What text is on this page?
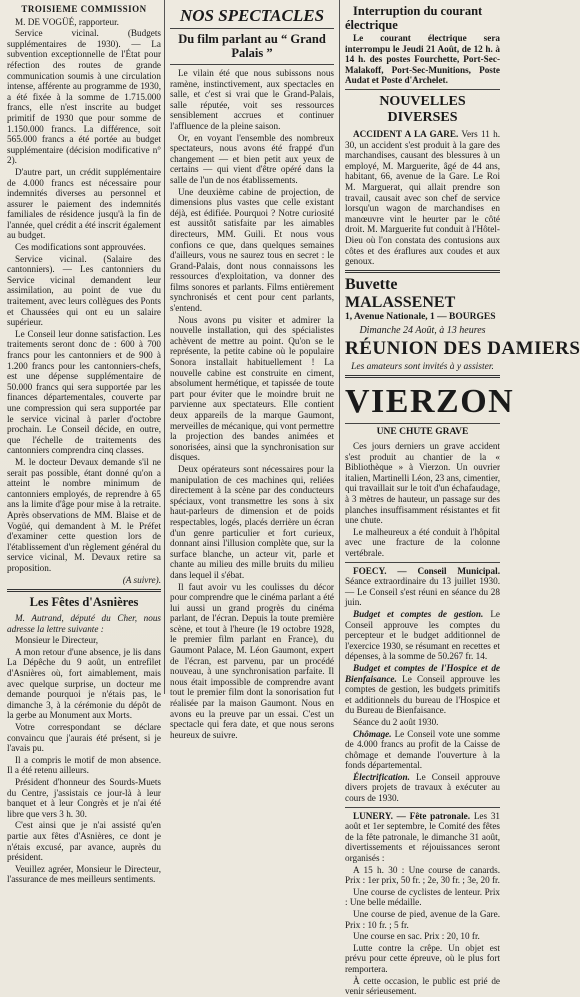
TROISIEME COMMISSION

M. DE VOGÜÉ, rapporteur.

Service vicinal. (Budgets supplémentaires de 1930). — La subvention exceptionnelle de l'État pour réfection des routes de grande communication soumis à une circulation intense, afférente au programme de 1930, a été fixée à la somme de 1.715.000 francs, elle n'est inscrite au budget primitif de 1930 que pour somme de 1.150.000 francs. La différence, soit 565.000 francs a été portée au budget supplémentaire (décision modificative n° 2).

D'autre part, un crédit supplémentaire de 4.000 francs est nécessaire pour indemnités diverses au personnel et assurer le paiement des indemnités familiales de résidence jusqu'à la fin de l'année, quel crédit a été inscrit également au budget.

Ces modifications sont approuvées.

Service vicinal. (Salaire des cantonniers). — Les cantonniers du Service vicinal demandent leur assimilation, au point de vue du traitement, avec leurs collègues des Ponts et Chaussées qui ont eu un salaire supérieur.

Le Conseil leur donne satisfaction. Les traitements seront donc de : 600 à 700 francs pour les cantonniers et de 900 à 1.200 francs pour les cantonniers-chefs, est une dépense supplémentaire de 50.000 francs qui sera supportée par les finances départementales, couverte par une compression qui sera supportée par le service vicinal à parler d'octobre prochain. Le Conseil décide, en outre, que l'échelle de traitements des cantonniers comprendra cinq classes.

M. le docteur Devaux demande s'il ne serait pas possible, étant donné qu'on a atteint le nombre minimum de cantonniers employés, de reprendre à 65 ans la limite d'âge pour mise à la retraite. Après observations de MM. Blaise et de Vogüé, qui demandent à M. le Préfet d'examiner cette question lors de l'établissement d'un règlement général du service vicinal, M. Devaux retire sa proposition.

(A suivre).
Les Fêtes d'Asnières

M. Autrand, député du Cher, nous adresse la lettre suivante :

Monsieur le Directeur,

A mon retour d'une absence, je lis dans La Dépêche du 9 août, un entrefilet d'Asnières où, fort aimablement, mais avec quelque surprise, un docteur me demande pourquoi je n'étais pas, le dimanche 3, à la cérémonie du dépôt de la gerbe au Monument aux Morts.

Votre correspondant se déclare convaincu que j'aurais été présent, si je l'avais pu.

Il a compris le motif de mon absence. Il a été retenu ailleurs.

Président d'honneur des Sourds-Muets du Centre, j'assistais ce jour-là à leur banquet et à leur Congrès et je n'ai été libre que vers 3 h. 30.

C'est ainsi que je n'ai assisté qu'en partie aux fêtes d'Asnières, ce dont je n'étais excusé, par avance, auprès du président.

Veuillez agréer, Monsieur le Directeur, l'assurance de mes meilleurs sentiments.

NOS SPECTACLES
Du film parlant au “ Grand Palais ”

Le vilain été que nous subissons nous ramène, instinctivement, aux spectacles en salle, et c'est si vrai que le Grand-Palais, salle réputée, voit ses ressources sensiblement accrues et continuer l'affluence de la pleine saison.

Or, en voyant l'ensemble des nombreux spectateurs, nous avons été frappé d'un changement — et bien petit aux yeux de certains — qui vient d'être opéré dans la salle de l'un de nos établissements.

Une deuxième cabine de projection, de dimensions plus vastes que celle existant déjà, est édifiée. Pourquoi ? Notre curiosité est aussitôt satisfaite par les aimables directeurs, MM. Guili. Et nous vous confions ce que, dans quelques semaines d'ailleurs, vous ne saurez tous en secret : le Grand-Palais, dont nous connaissons les ressources d'exploitation, va donner des films sonores et parlants. Films entièrement synchronisés et cent pour cent parlants, s'entend.

Nous avons pu visiter et admirer la nouvelle installation, qui des spécialistes achèvent de mettre au point. Qu'on se le représente, la petite cabine où le populaire Sonora installait habituellement ! La nouvelle cabine est construite en ciment, absolument hermétique, et tapissée de toute part pour éviter que le moindre bruit ne parvienne aux spectateurs. Elle contient deux appareils de la marque Gaumont, merveilles de mécanique, qui vont permettre la projection des bandes animées et sonorisées, ainsi que la synchronisation sur disques.

Deux opérateurs sont nécessaires pour la manipulation de ces machines qui, reliées directement à la scène par des conducteurs spéciaux, vont transmettre les sons à six haut-parleurs de dimension et de poids respectables, logés, placés derrière un écran d'un genre particulier et fort curieux, donnant ainsi l'illusion complète que, sur la surface blanche, un acteur vit, parle et chante au milieu des mille bruits du milieu dans lequel il s'ébat.

Il faut avoir vu les coulisses du décor pour comprendre que le cinéma parlant a été lui aussi un grand progrès du cinéma parlant, de l'écran. Depuis la toute première scène, et tout à l'heure (le 19 octobre 1928, le premier film parlant en France), du Gaumont Palace, M. Léon Gaumont, expert de l'écran, est parvenu, par un procédé nouveau, à une synchronisation parfaite. Il nous était impossible de comprendre avant tout le premier film dont la sonorisation fut réalisée par la maison Gaumont. Nous en avons eu la preuve par un essai. C'est un spectacle qui fera date, et que nous serons heureux de suivre.

Interruption du courant électrique

Le courant électrique sera interrompu le Jeudi 21 Août, de 12 h. à 14 h. des postes Fourchette, Port-Sec-Malakoff, Port-Sec-Munitions, Poste Audat et Poste d'Archelet.

NOUVELLES DIVERSES

ACCIDENT A LA GARE. Vers 11 h. 30, un accident s'est produit à la gare des marchandises, causant des blessures à un employé, M. Marguerite, âgé de 44 ans, habitant, 66, avenue de la Gare. Le Roi M. Marguerat, qui allait prendre son travail, causait avec son chef de service lorsqu'un wagon de marchandises en manœuvre vint le heurter par le côté droit. M. Marguerite fut conduit à l'Hôtel-Dieu où l'on constata des contusions aux côtes et des éraflures aux coudes et aux genoux.

Buvette MALASSENET
1, Avenue Nationale, 1 — BOURGES
Dimanche 24 Août, à 13 heures
RÉUNION DES DAMIERS
Les amateurs sont invités à y assister.
VIERZON
UNE CHUTE GRAVE

Ces jours derniers un grave accident s'est produit au chantier de la « Bibliothèque » à Vierzon. Un ouvrier italien, Martinelli Léon, 23 ans, cimentier, qui travaillait sur le toit d'un échafaudage, à 3 mètres de hauteur, un passage sur des planches insuffisamment résistantes et fit une chute.

Le malheureux a été conduit à l'hôpital avec une fracture de la colonne vertébrale.

FOECY. — Conseil Municipal. Séance extraordinaire du 13 juillet 1930. — Le Conseil s'est réuni en séance du 28 juin.

Budget et comptes de gestion. Le Conseil approuve les comptes du percepteur et le budget additionnel de l'exercice 1930, se résumant en recettes et dépenses, à la somme de 50.267 fr. 14.

Budget et comptes de l'Hospice et de Bienfaisance. Le Conseil approuve les comptes de gestion, les budgets primitifs et additionnels du bureau de l'Hospice et du Bureau de Bienfaisance.

Séance du 2 août 1930.

Chômage. Le Conseil vote une somme de 4.000 francs au profit de la Caisse de chômage et demande l'ouverture à la fonds départemental.

Électrification. Le Conseil approuve divers projets de travaux à exécuter au cours de 1930.

LUNERY. — Fête patronale. Les 31 août et 1er septembre, le Comité des fêtes de la fête patronale, le dimanche 31 août, divertissements et réjouissances seront organisés :

A 15 h. 30 : Une course de canards. Prix : 1er prix, 50 fr. ; 2e, 30 fr. ; 3e, 20 fr.

Une course de cyclistes de lenteur. Prix : Une belle médaille.

Une course de pied, avenue de la Gare. Prix : 10 fr. ; 5 fr.

Une course en sac. Prix : 20, 10 fr.

Lutte contre la crêpe. Un objet est prévu pour cette épreuve, où le plus fort remportera.

À cette occasion, le public est prié de venir sérieusement.
